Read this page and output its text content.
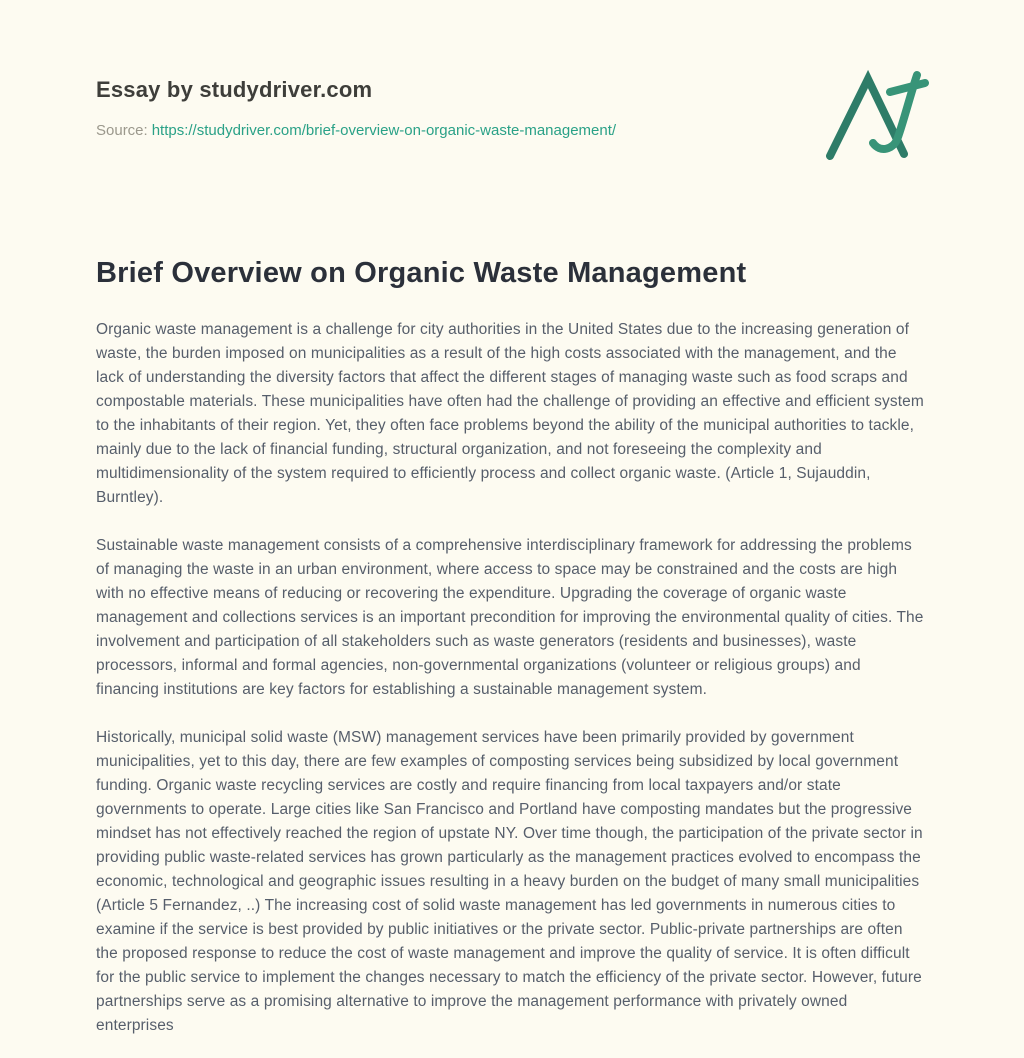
Essay by studydriver.com
Source: https://studydriver.com/brief-overview-on-organic-waste-management/
Brief Overview on Organic Waste Management

Organic waste management is a challenge for city authorities in the United States due to the increasing generation of waste, the burden imposed on municipalities as a result of the high costs associated with the management, and the lack of understanding the diversity factors that affect the different stages of managing waste such as food scraps and compostable materials. These municipalities have often had the challenge of providing an effective and efficient system to the inhabitants of their region. Yet, they often face problems beyond the ability of the municipal authorities to tackle, mainly due to the lack of financial funding, structural organization, and not foreseeing the complexity and multidimensionality of the system required to efficiently process and collect organic waste. (Article 1, Sujauddin, Burntley).

Sustainable waste management consists of a comprehensive interdisciplinary framework for addressing the problems of managing the waste in an urban environment, where access to space may be constrained and the costs are high with no effective means of reducing or recovering the expenditure. Upgrading the coverage of organic waste management and collections services is an important precondition for improving the environmental quality of cities. The involvement and participation of all stakeholders such as waste generators (residents and businesses), waste processors, informal and formal agencies, non-governmental organizations (volunteer or religious groups) and financing institutions are key factors for establishing a sustainable management system.

Historically, municipal solid waste (MSW) management services have been primarily provided by government municipalities, yet to this day, there are few examples of composting services being subsidized by local government funding. Organic waste recycling services are costly and require financing from local taxpayers and/or state governments to operate. Large cities like San Francisco and Portland have composting mandates but the progressive mindset has not effectively reached the region of upstate NY. Over time though, the participation of the private sector in providing public waste-related services has grown particularly as the management practices evolved to encompass the economic, technological and geographic issues resulting in a heavy burden on the budget of many small municipalities (Article 5 Fernandez, ..) The increasing cost of solid waste management has led governments in numerous cities to examine if the service is best provided by public initiatives or the private sector. Public-private partnerships are often the proposed response to reduce the cost of waste management and improve the quality of service. It is often difficult for the public service to implement the changes necessary to match the efficiency of the private sector. However, future partnerships serve as a promising alternative to improve the management performance with privately owned enterprises
